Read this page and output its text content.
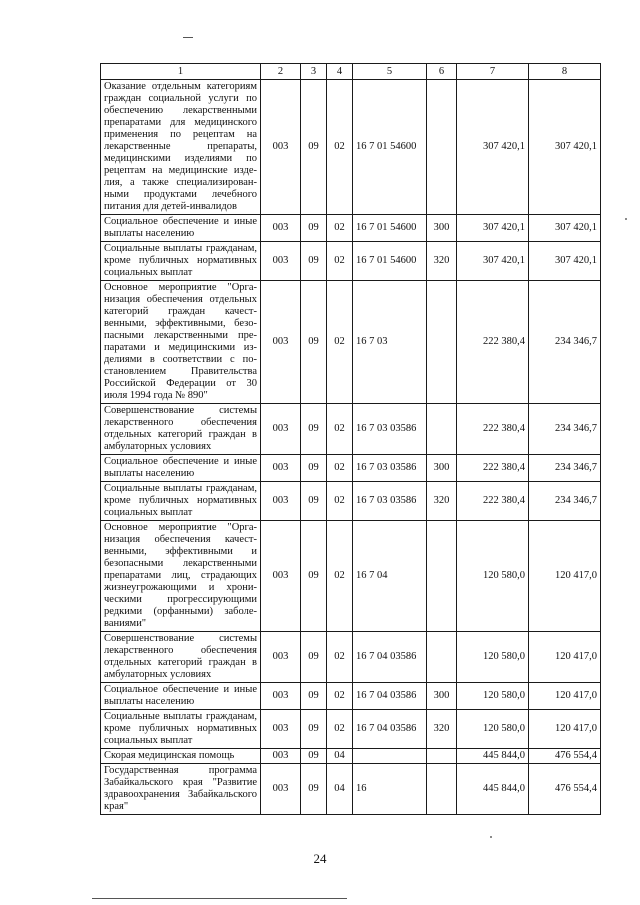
1	2	3	4	5	6	7	8
Оказание отдельным категориям граждан социальной услуги по обеспечению лекарственными препаратами для медицинского применения по рецептам на лекарственные препараты, медицинскими изделиями по рецептам на медицинские изделия, а также специализированными продуктами лечебного питания для детей-инвалидов	003	09	02	16 7 01 54600		307 420,1	307 420,1
Социальное обеспечение и иные выплаты населению	003	09	02	16 7 01 54600	300	307 420,1	307 420,1
Социальные выплаты гражданам, кроме публичных нормативных социальных выплат	003	09	02	16 7 01 54600	320	307 420,1	307 420,1
Основное мероприятие "Организация обеспечения отдельных категорий граждан качественными, эффективными, безопасными лекарственными препаратами и медицинскими изделиями в соответствии с постановлением Правительства Российской Федерации от 30 июля 1994 года № 890"	003	09	02	16 7 03		222 380,4	234 346,7
Совершенствование системы лекарственного обеспечения отдельных категорий граждан в амбулаторных условиях	003	09	02	16 7 03 03586		222 380,4	234 346,7
Социальное обеспечение и иные выплаты населению	003	09	02	16 7 03 03586	300	222 380,4	234 346,7
Социальные выплаты гражданам, кроме публичных нормативных социальных выплат	003	09	02	16 7 03 03586	320	222 380,4	234 346,7
Основное мероприятие "Организация обеспечения качественными, эффективными и безопасными лекарственными препаратами лиц, страдающих жизнеугрожающими и хроническими прогрессирующими редкими (орфанными) заболеваниями"	003	09	02	16 7 04		120 580,0	120 417,0
Совершенствование системы лекарственного обеспечения отдельных категорий граждан в амбулаторных условиях	003	09	02	16 7 04 03586		120 580,0	120 417,0
Социальное обеспечение и иные выплаты населению	003	09	02	16 7 04 03586	300	120 580,0	120 417,0
Социальные выплаты гражданам, кроме публичных нормативных социальных выплат	003	09	02	16 7 04 03586	320	120 580,0	120 417,0
Скорая медицинская помощь	003	09	04			445 844,0	476 554,4
Государственная программа Забайкальского края "Развитие здравоохранения Забайкальского края"	003	09	04	16		445 844,0	476 554,4
24
